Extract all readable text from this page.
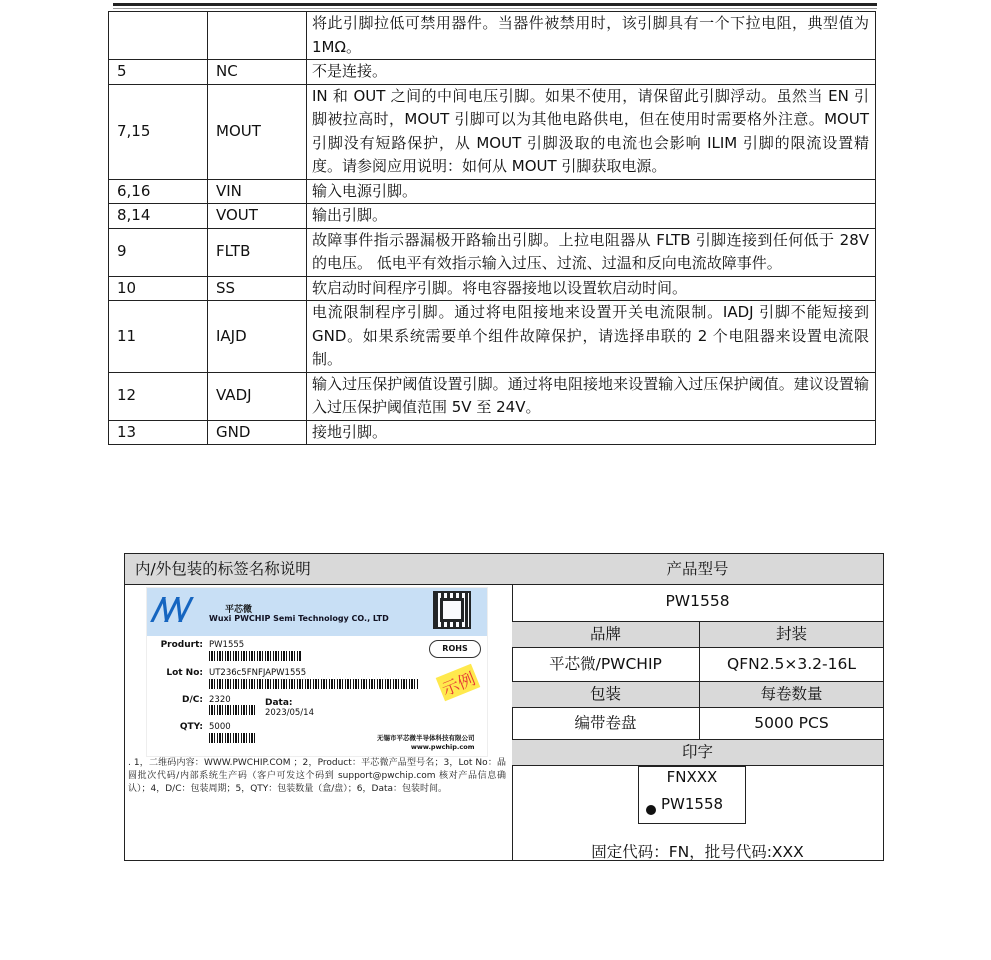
		将此引脚拉低可禁用器件。当器件被禁用时，该引脚具有一个下拉电阻，典型值为 1MΩ。
5	NC	不是连接。
7,15	MOUT	IN 和 OUT 之间的中间电压引脚。如果不使用，请保留此引脚浮动。虽然当 EN 引脚被拉高时，MOUT 引脚可以为其他电路供电，但在使用时需要格外注意。MOUT 引脚没有短路保护，从 MOUT 引脚汲取的电流也会影响 ILIM 引脚的限流设置精度。请参阅应用说明：如何从 MOUT 引脚获取电源。
6,16	VIN	输入电源引脚。
8,14	VOUT	输出引脚。
9	FLTB	故障事件指示器漏极开路输出引脚。上拉电阻器从 FLTB 引脚连接到任何低于 28V 的电压。 低电平有效指示输入过压、过流、过温和反向电流故障事件。
10	SS	软启动时间程序引脚。将电容器接地以设置软启动时间。
11	IAJD	电流限制程序引脚。通过将电阻接地来设置开关电流限制。IADJ 引脚不能短接到 GND。如果系统需要单个组件故障保护，请选择串联的 2 个电阻器来设置电流限制。
12	VADJ	输入过压保护阈值设置引脚。通过将电阻接地来设置输入过压保护阈值。建议设置输入过压保护阈值范围 5V 至 24V。
13	GND	接地引脚。
内/外包装的标签名称说明
/\/\/	平芯微
Wuxi PWCHIP Semi Technology CO., LTD
Produrt: PW1555	ROHS
Lot No: UT236c5FNFJAPW1555	示例
D/C: 2320	Data:
2023/05/14
QTY: 5000
无锡市平芯微半导体科技有限公司
www.pwchip.com
. 1，二维码内容：WWW.PWCHIP.COM ；2，Product：平芯微产品型号名；3，Lot No：晶圆批次代码/内部系统生产码（客户可发这个码到 support@pwchip.com 核对产品信息确认）；4，D/C：包装周期；5，QTY：包装数量（盒/盘）；6，Data：包装时间。
产品型号
PW1558
品牌	封装
平芯微/PWCHIP	QFN2.5×3.2-16L
包装	每卷数量
编带卷盘	5000 PCS
印字
FNXXX
PW1558
固定代码：FN，批号代码:XXX
